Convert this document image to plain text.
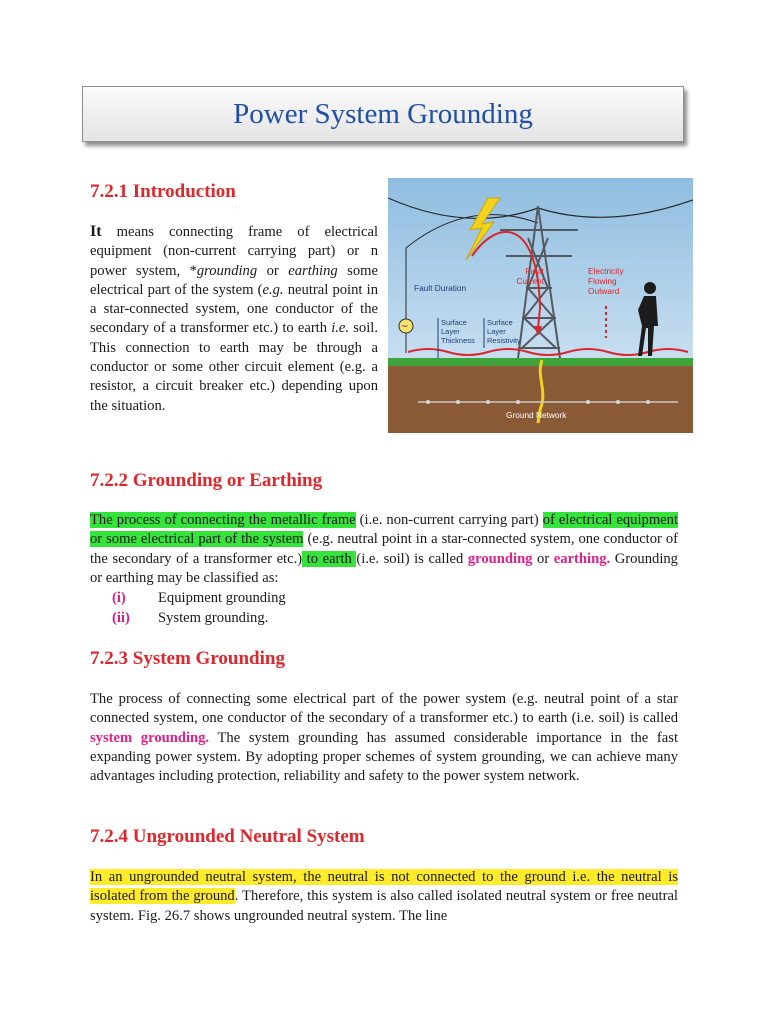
Power System Grounding
7.2.1 Introduction

It means connecting frame of electrical equipment (non-current carrying part) or n power system, *grounding or earthing some electrical part of the system (e.g. neutral point in a star-connected system, one conductor of the secondary of a transformer etc.) to earth i.e. soil. This connection to earth may be through a conductor or some other circuit element (e.g. a resistor, a circuit breaker etc.) depending upon the situation.

~
Fault Duration
Fault
Current
Electricity
Flowing
Outward
Surface
Layer
Thickness
Surface
Layer
Resistivity
Ground Network
7.2.2 Grounding or Earthing

The process of connecting the metallic frame (i.e. non-current carrying part) of electrical equipment or some electrical part of the system (e.g. neutral point in a star-connected system, one conductor of the secondary of a transformer etc.) to earth (i.e. soil) is called grounding or earthing. Grounding or earthing may be classified as:

(i)	Equipment grounding
(ii)	System grounding.
7.2.3 System Grounding

The process of connecting some electrical part of the power system (e.g. neutral point of a star connected system, one conductor of the secondary of a transformer etc.) to earth (i.e. soil) is called system grounding. The system grounding has assumed considerable importance in the fast expanding power system. By adopting proper schemes of system grounding, we can achieve many advantages including protection, reliability and safety to the power system network.

7.2.4 Ungrounded Neutral System

In an ungrounded neutral system, the neutral is not connected to the ground i.e. the neutral is isolated from the ground. Therefore, this system is also called isolated neutral system or free neutral system. Fig. 26.7 shows ungrounded neutral system. The line
